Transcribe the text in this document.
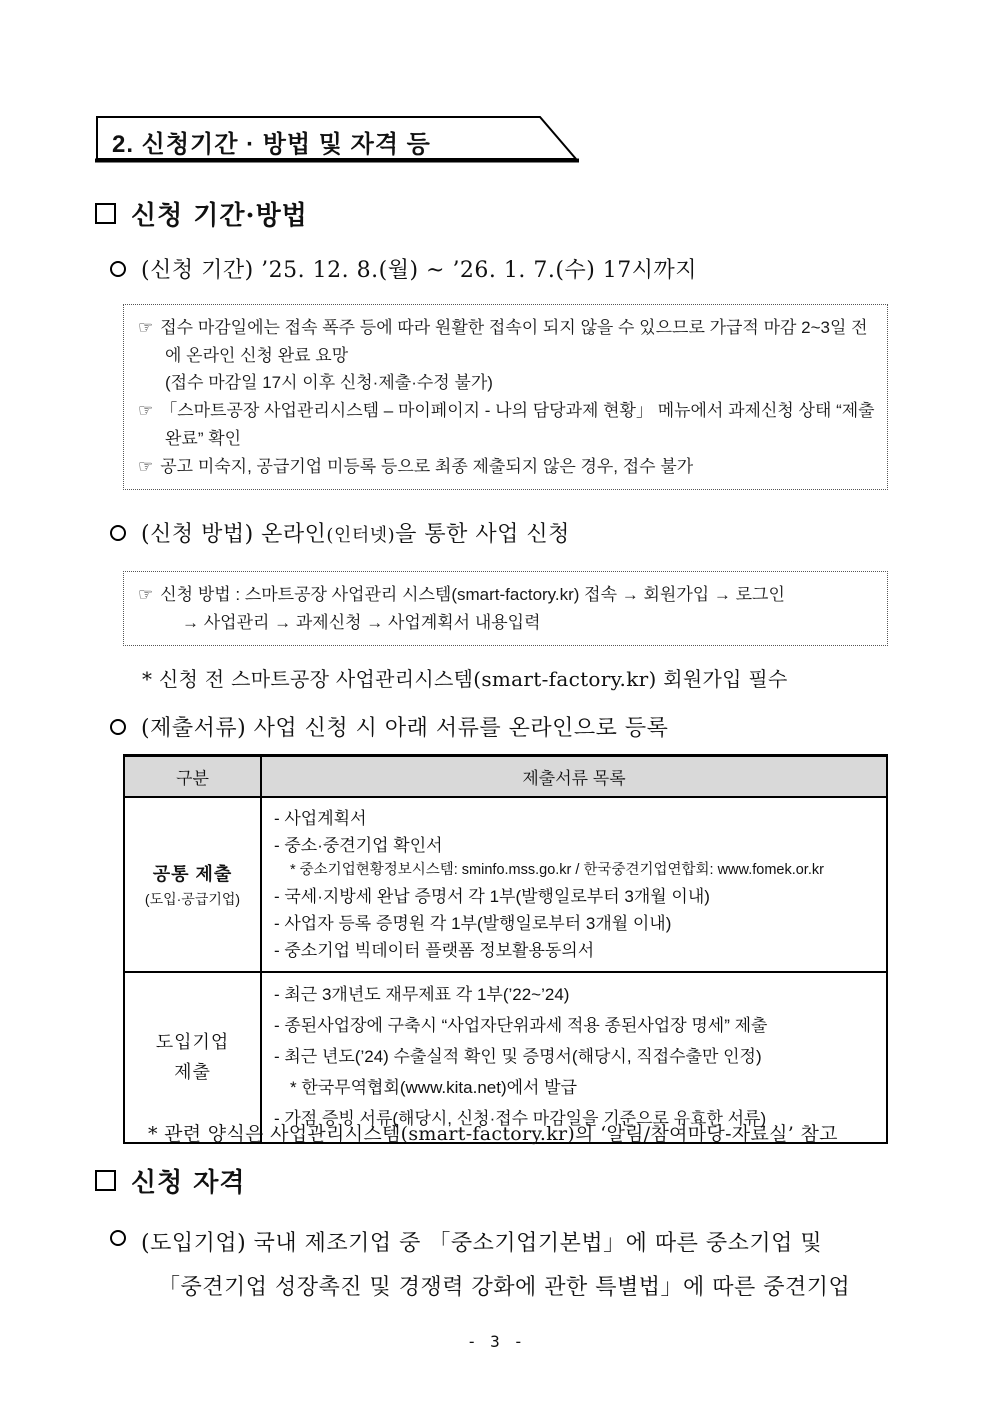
2. 신청기간 · 방법 및 자격 등
신청 기간·방법
(신청 기간) ’25. 12. 8.(월) ~ ’26. 1. 7.(수) 17시까지
☞ 접수 마감일에는 접속 폭주 등에 따라 원활한 접속이 되지 않을 수 있으므로 가급적 마감 2~3일 전에 온라인 신청 완료 요망
(접수 마감일 17시 이후 신청·제출·수정 불가)
☞ 「스마트공장 사업관리시스템 – 마이페이지 - 나의 담당과제 현황」 메뉴에서 과제신청 상태 “제출완료” 확인
☞ 공고 미숙지, 공급기업 미등록 등으로 최종 제출되지 않은 경우, 접수 불가
(신청 방법) 온라인(인터넷)을 통한 사업 신청
☞ 신청 방법 : 스마트공장 사업관리 시스템(smart-factory.kr) 접속 → 회원가입 → 로그인
→ 사업관리 → 과제신청 → 사업계획서 내용입력
* 신청 전 스마트공장 사업관리시스템(smart-factory.kr) 회원가입 필수
(제출서류) 사업 신청 시 아래 서류를 온라인으로 등록
구분	제출서류 목록
공통 제출
(도입·공급기업)
- 사업계획서
- 중소·중견기업 확인서
* 중소기업현황정보시스템: sminfo.mss.go.kr / 한국중견기업연합회: www.fomek.or.kr
- 국세·지방세 완납 증명서 각 1부(발행일로부터 3개월 이내)
- 사업자 등록 증명원 각 1부(발행일로부터 3개월 이내)
- 중소기업 빅데이터 플랫폼 정보활용동의서
도입기업
제출
- 최근 3개년도 재무제표 각 1부(’22~’24)
- 종된사업장에 구축시 “사업자단위과세 적용 종된사업장 명세” 제출
- 최근 년도(’24) 수출실적 확인 및 증명서(해당시, 직접수출만 인정)
* 한국무역협회(www.kita.net)에서 발급
- 가점 증빙 서류(해당시, 신청·접수 마감일을 기준으로 유효한 서류)
* 관련 양식은 사업관리시스템(smart-factory.kr)의 ‘알림/참여마당-자료실’ 참고
신청 자격
(도입기업) 국내 제조기업 중 「중소기업기본법」에 따른 중소기업 및
「중견기업 성장촉진 및 경쟁력 강화에 관한 특별법」에 따른 중견기업
- 3 -
